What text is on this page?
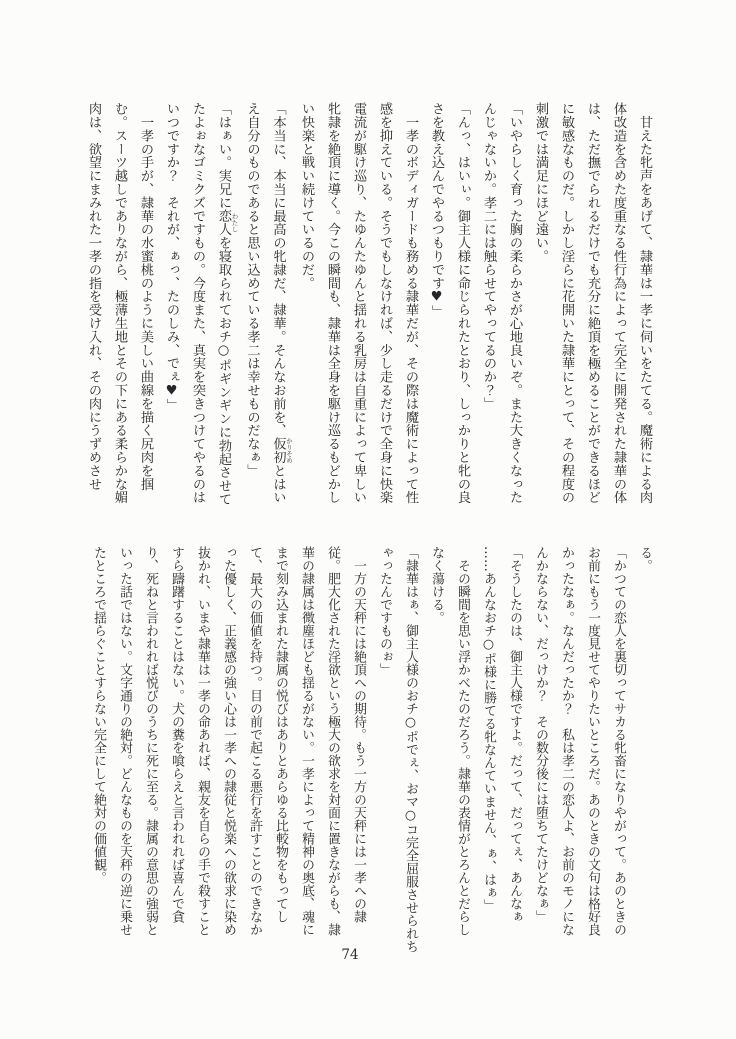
　甘えた牝声をあげて、隷華は一孝に伺いをたてる。魔術による肉

体改造を含めた度重なる性行為によって完全に開発された隷華の体

は、ただ撫でられるだけでも充分に絶頂を極めることができるほど

に敏感なものだ。しかし淫らに花開いた隷華にとって、その程度の

刺激では満足にほど遠い。

「いやらしく育った胸の柔らかさが心地良いぞ。また大きくなった

んじゃないか。孝二には触らせてやってるのか？」

「んっ、はいぃ。御主人様に命じられたとおり、しっかりと牝の良

さを教え込んでやるつもりです♥」

　一孝のボディガードも務める隷華だが、その際は魔術によって性

感を抑えている。そうでもしなければ、少し走るだけで全身に快楽

電流が駆け巡り、たゆんたゆんと揺れる乳房は自重によって卑しい

牝隷を絶頂に導く。今この瞬間も、隷華は全身を駆け巡るもどかし

い快楽と戦い続けているのだ。

「本当に、本当に最高の牝隷だ、隷華。そんなお前を、仮初 かりそめとはい

え自分のものであると思い込めている孝二は幸せものだなぁ」

「はぁい。実兄に恋人 わたしを寝取られておチ○ポギンギンに勃起させて

たよぉなゴミクズですもの。今度また、真実を突きつけてやるのは

いつですか？　それが、ぁっ、たのしみ、でぇ♥」

　一孝の手が、隷華の水蜜桃のように美しい曲線を描く尻肉を掴

む。スーツ越しでありながら、極薄生地とその下にある柔らかな媚

肉は、欲望にまみれた一孝の指を受け入れ、その肉にうずめさせ

る。

「かつての恋人を裏切ってサカる牝畜になりやがって。あのときの

お前にもう一度見せてやりたいところだ。あのときの文句は格好良

かったなぁ。なんだったか？　私は孝二の恋人よ、お前のモノにな

んかならない、だっけか？　その数分後には堕ちてたけどなぁ」

「そうしたのは、御主人様ですよ。だって、だってぇ、あんなぁ

……あんなおチ○ポ様に勝てる牝なんていません、ぁ、はぁ」

　その瞬間を思い浮かべたのだろう。隷華の表情がとろんとだらし

なく蕩ける。

「隷華はぁ、御主人様のおチ○ポでぇ、おマ○コ完全屈服させられち

ゃったんですものぉ」

　一方の天秤には絶頂への期待。もう一方の天秤には一孝への隷

従。肥大化された淫欲という極大の欲求を対面に置きながらも、隷

華の隷属は微塵ほども揺るがない。一孝によって精神の奥底、魂に

まで刻み込まれた隷属の悦びはありとあらゆる比較物をもってし

て、最大の価値を持つ。目の前で起こる悪行を許すことのできなか

った優しく、正義感の強い心は一孝への隷従と悦楽への欲求に染め

抜かれ、いまや隷華は一孝の命あれば、親友を自らの手で殺すこと

すら躊躇することはない。犬の糞を喰らえと言われれば喜んで貪

り、死ねと言われれば悦びのうちに死に至る。隷属の意思の強弱と

いった話ではない。文字通りの絶対。どんなものを天秤の逆に乗せ

たところで揺らぐことすらない完全にして絶対の価値観。

74
